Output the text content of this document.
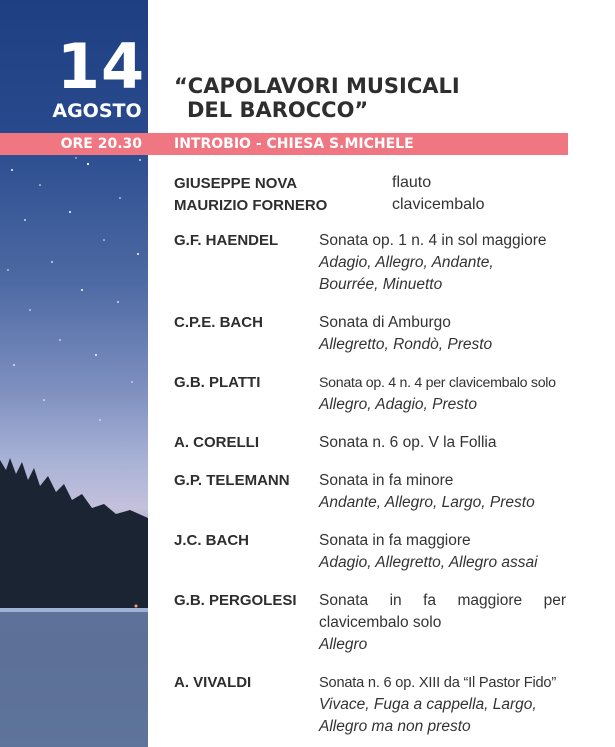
14
AGOSTO
ORE 20.30	INTROBIO - CHIESA S.MICHELE
“CAPOLAVORI MUSICALI
DEL BAROCCO”
GIUSEPPE NOVA	flauto
MAURIZIO FORNERO	clavicembalo
G.F. HAENDEL	Sonata op. 1 n. 4 in sol maggiore
Adagio, Allegro, Andante,
Bourrée, Minuetto
C.P.E. BACH	Sonata di Amburgo
Allegretto, Rondò, Presto
G.B. PLATTI	Sonata op. 4 n. 4 per clavicembalo solo
Allegro, Adagio, Presto
A. CORELLI	Sonata n. 6 op. V la Follia
G.P. TELEMANN	Sonata in fa minore
Andante, Allegro, Largo, Presto
J.C. BACH	Sonata in fa maggiore
Adagio, Allegretto, Allegro assai
G.B. PERGOLESI	Sonata in fa maggiore per clavicembalo solo
Allegro
A. VIVALDI	Sonata n. 6 op. XIII da “Il Pastor Fido”
Vivace, Fuga a cappella, Largo,
Allegro ma non presto
